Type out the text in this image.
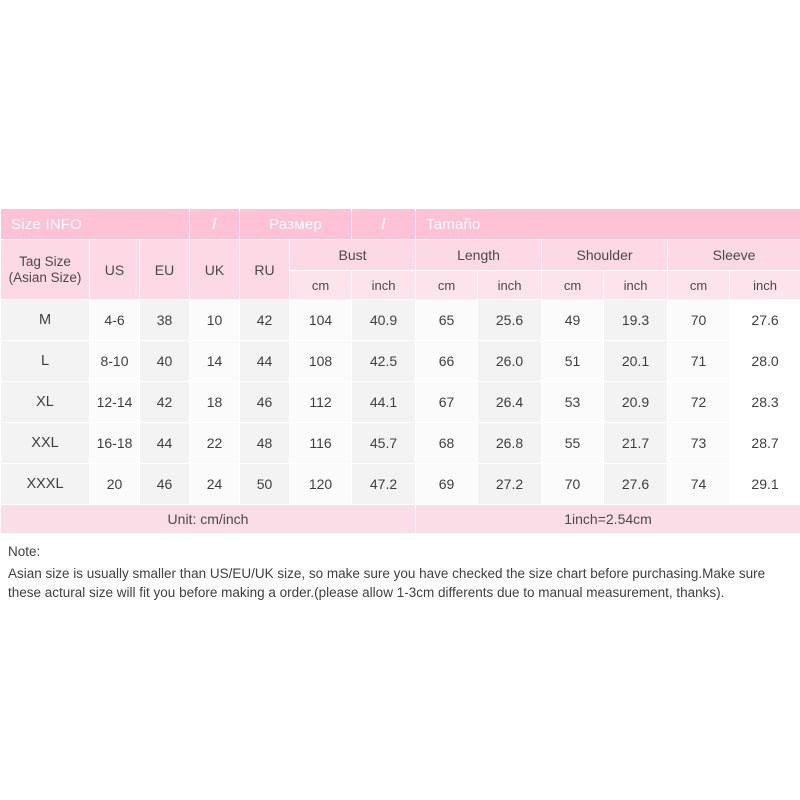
Size INFO			/	Размер		/	Tamaño					

Tag Size
(Asian Size)	US	EU	UK	RU	Bust		Length		Shoulder		Sleeve	
					cm	inch	cm	inch	cm	inch	cm	inch
M	4-6	38	10	42	104	40.9	65	25.6	49	19.3	70	27.6
L	8-10	40	14	44	108	42.5	66	26.0	51	20.1	71	28.0
XL	12-14	42	18	46	112	44.1	67	26.4	53	20.9	72	28.3
XXL	16-18	44	22	48	116	45.7	68	26.8	55	21.7	73	28.7
XXXL	20	46	24	50	120	47.2	69	27.2	70	27.6	74	29.1
Unit: cm/inch							1inch=2.54cm					
Note:
Asian size is usually smaller than US/EU/UK size, so make sure you have checked the size chart before purchasing.Make sure these actural size will fit you before making a order.(please allow 1-3cm differents due to manual measurement, thanks).
